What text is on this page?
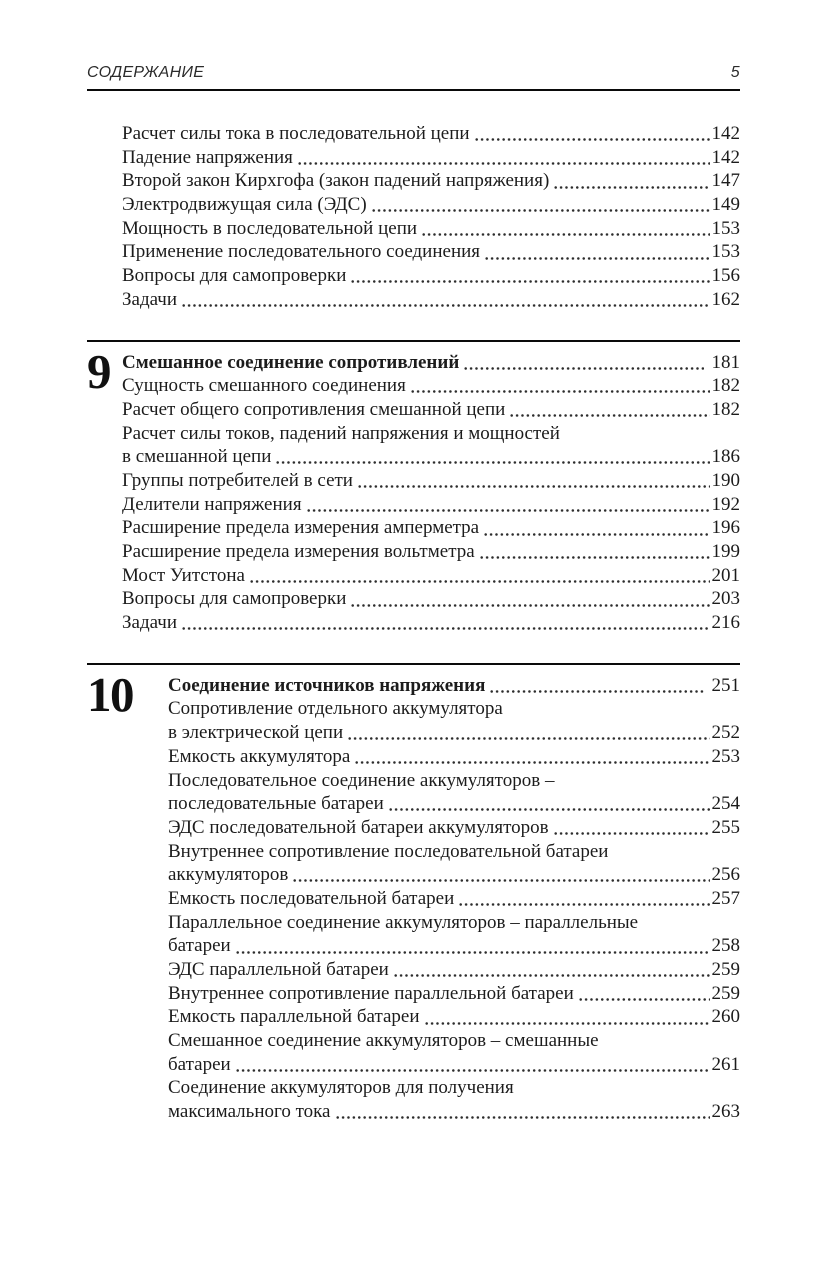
СОДЕРЖАНИЕ	5
Расчет силы тока в последовательной цепи	142
Падение напряжения	142
Второй закон Кирхгофа (закон падений напряжения)	147
Электродвижущая сила (ЭДС)	149
Мощность в последовательной цепи	153
Применение последовательного соединения	153
Вопросы для самопроверки	156
Задачи	162
9 Смешанное соединение сопротивлений	181
Сущность смешанного соединения	182
Расчет общего сопротивления смешанной цепи	182
Расчет силы токов, падений напряжения и мощностей
в смешанной цепи	186
Группы потребителей в сети	190
Делители напряжения	192
Расширение предела измерения амперметра	196
Расширение предела измерения вольтметра	199
Мост Уитстона	201
Вопросы для самопроверки	203
Задачи	216
10	Соединение источников напряжения	251
Сопротивление отдельного аккумулятора
в электрической цепи	252
Емкость аккумулятора	253
Последовательное соединение аккумуляторов –
последовательные батареи	254
ЭДС последовательной батареи аккумуляторов	255
Внутреннее сопротивление последовательной батареи
аккумуляторов	256
Емкость последовательной батареи	257
Параллельное соединение аккумуляторов – параллельные
батареи	258
ЭДС параллельной батареи	259
Внутреннее сопротивление параллельной батареи	259
Емкость параллельной батареи	260
Смешанное соединение аккумуляторов – смешанные
батареи	261
Соединение аккумуляторов для получения
максимального тока	263
